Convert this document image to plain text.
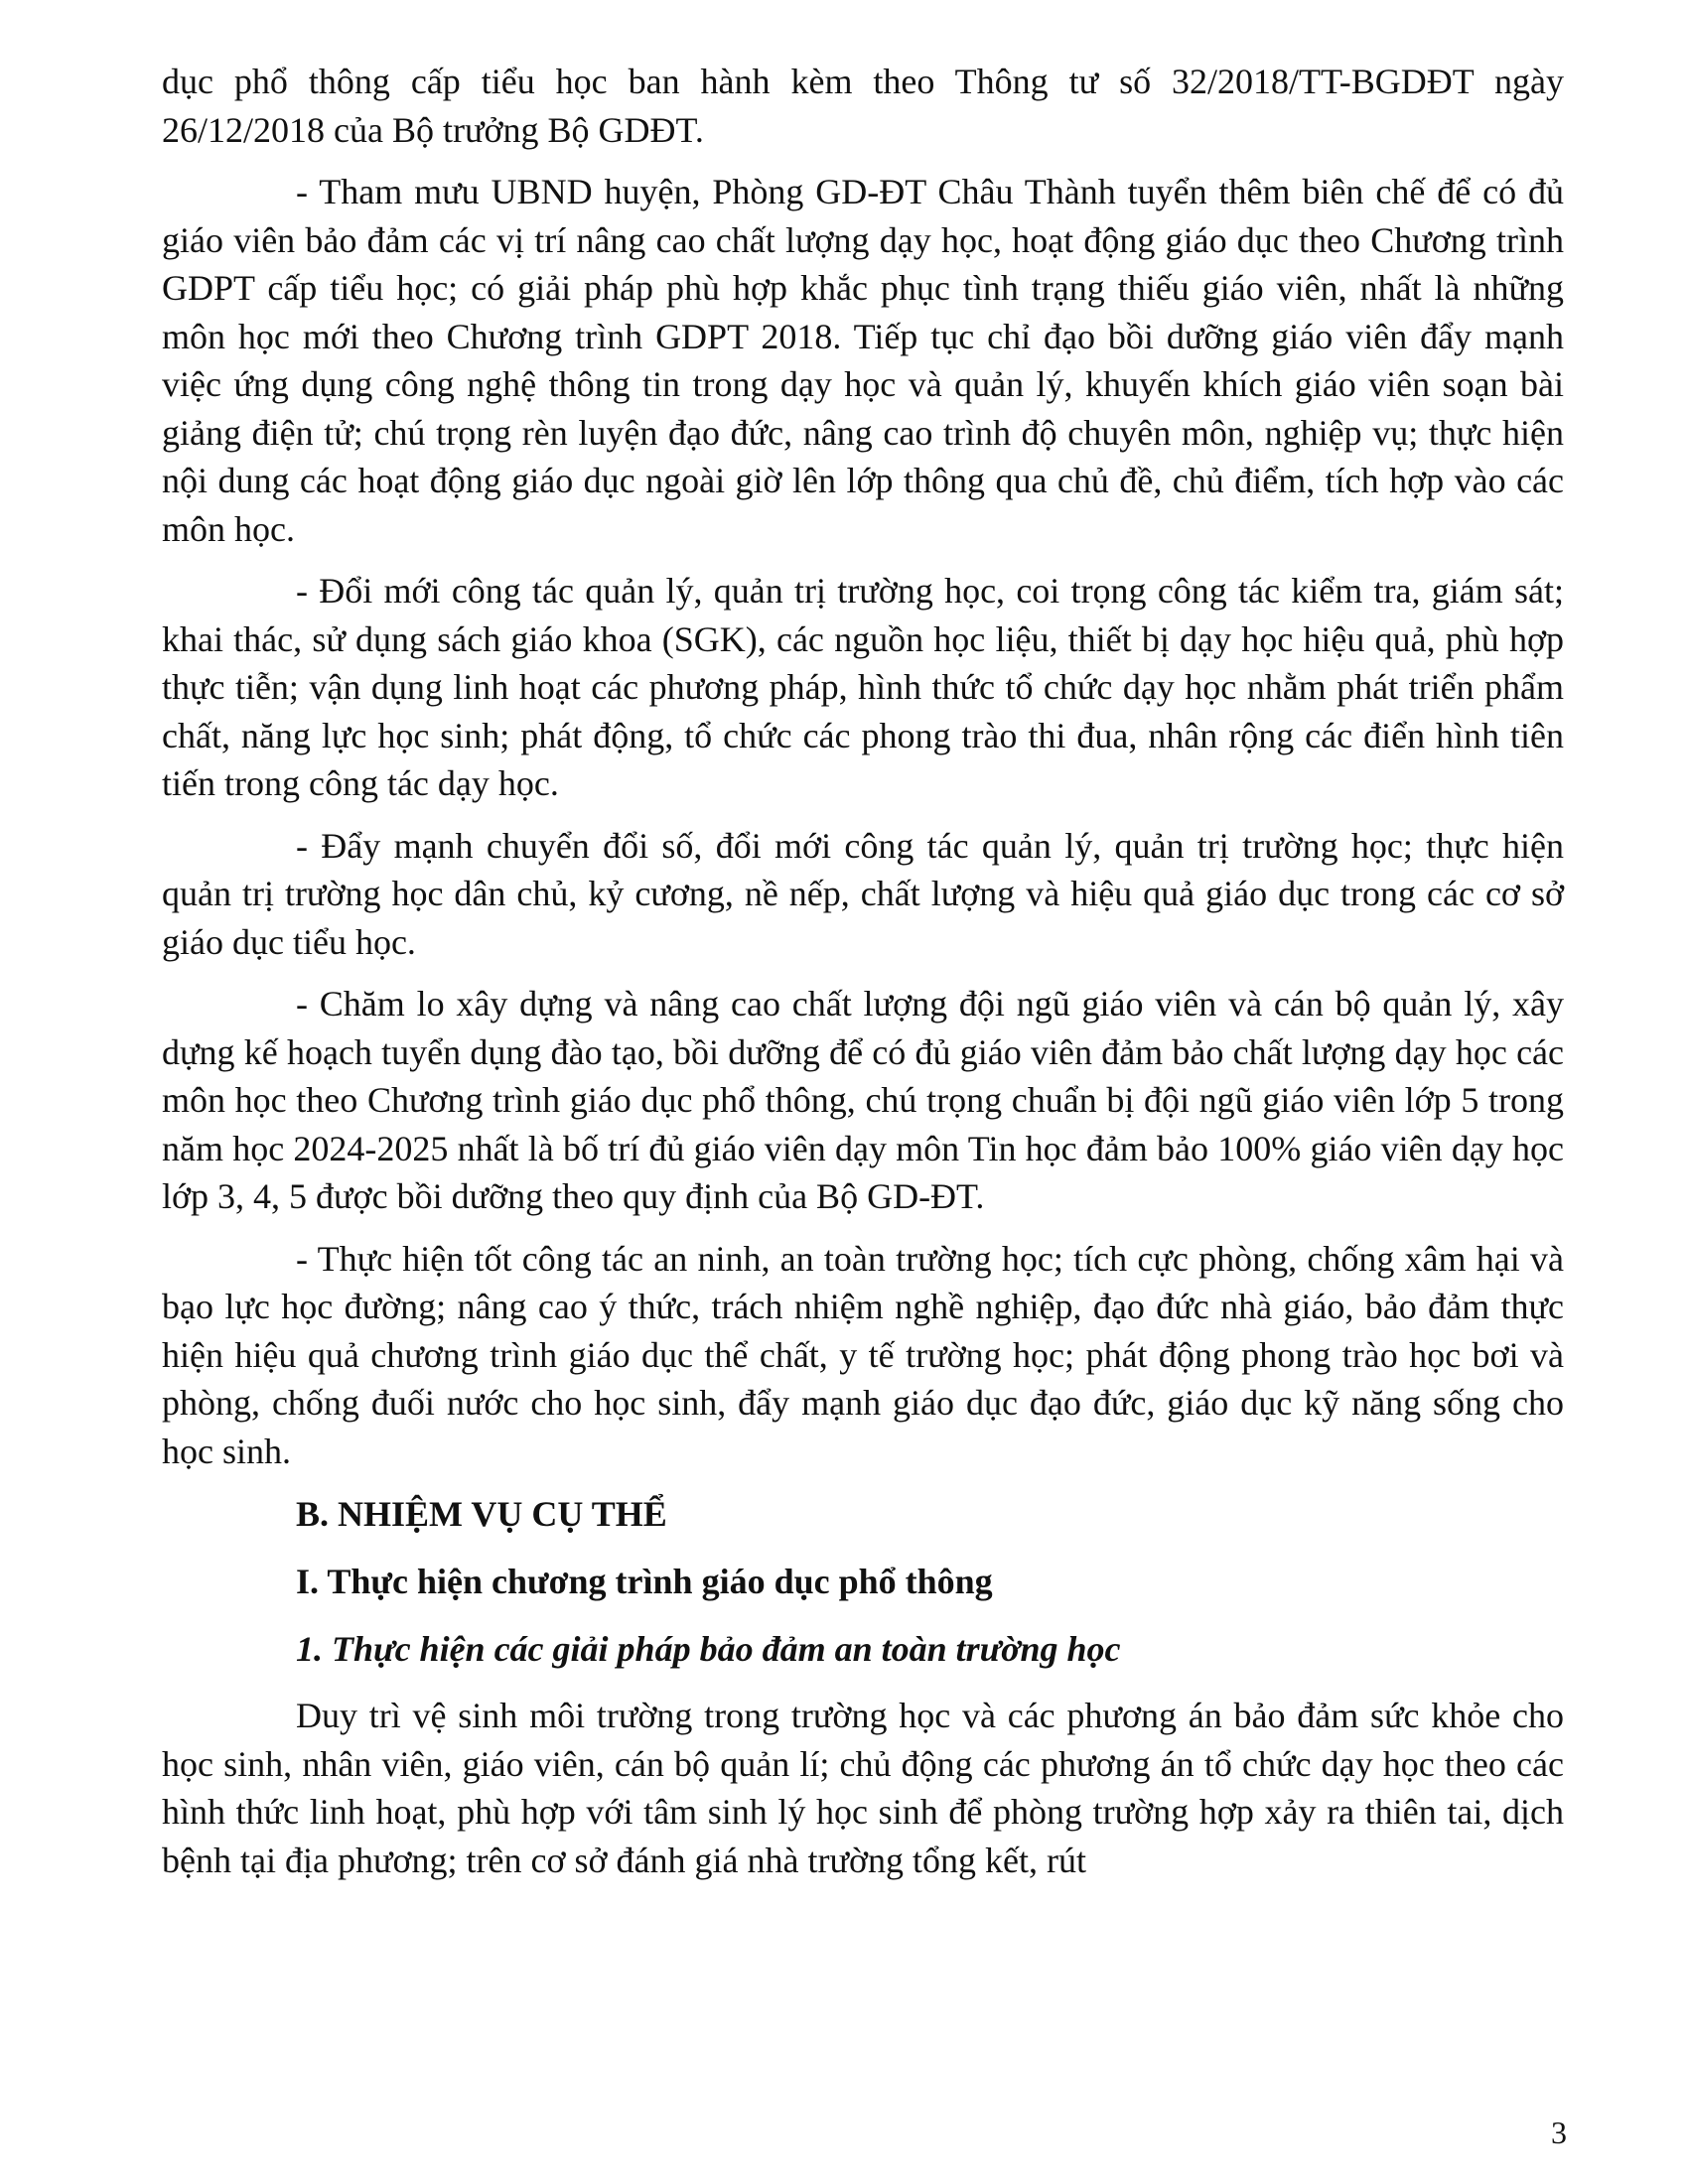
dục phổ thông cấp tiểu học ban hành kèm theo Thông tư số 32/2018/TT-BGDĐT ngày 26/12/2018 của Bộ trưởng Bộ GDĐT.

- Tham mưu UBND huyện, Phòng GD-ĐT Châu Thành tuyển thêm biên chế để có đủ giáo viên bảo đảm các vị trí nâng cao chất lượng dạy học, hoạt động giáo dục theo Chương trình GDPT cấp tiểu học; có giải pháp phù hợp khắc phục tình trạng thiếu giáo viên, nhất là những môn học mới theo Chương trình GDPT 2018. Tiếp tục chỉ đạo bồi dưỡng giáo viên đẩy mạnh việc ứng dụng công nghệ thông tin trong dạy học và quản lý, khuyến khích giáo viên soạn bài giảng điện tử; chú trọng rèn luyện đạo đức, nâng cao trình độ chuyên môn, nghiệp vụ; thực hiện nội dung các hoạt động giáo dục ngoài giờ lên lớp thông qua chủ đề, chủ điểm, tích hợp vào các môn học.

- Đổi mới công tác quản lý, quản trị trường học, coi trọng công tác kiểm tra, giám sát; khai thác, sử dụng sách giáo khoa (SGK), các nguồn học liệu, thiết bị dạy học hiệu quả, phù hợp thực tiễn; vận dụng linh hoạt các phương pháp, hình thức tổ chức dạy học nhằm phát triển phẩm chất, năng lực học sinh; phát động, tổ chức các phong trào thi đua, nhân rộng các điển hình tiên tiến trong công tác dạy học.

- Đẩy mạnh chuyển đổi số, đổi mới công tác quản lý, quản trị trường học; thực hiện quản trị trường học dân chủ, kỷ cương, nề nếp, chất lượng và hiệu quả giáo dục trong các cơ sở giáo dục tiểu học.

- Chăm lo xây dựng và nâng cao chất lượng đội ngũ giáo viên và cán bộ quản lý, xây dựng kế hoạch tuyển dụng đào tạo, bồi dưỡng để có đủ giáo viên đảm bảo chất lượng dạy học các môn học theo Chương trình giáo dục phổ thông, chú trọng chuẩn bị đội ngũ giáo viên lớp 5 trong năm học 2024-2025 nhất là bố trí đủ giáo viên dạy môn Tin học đảm bảo 100% giáo viên dạy học lớp 3, 4, 5 được bồi dưỡng theo quy định của Bộ GD-ĐT.

- Thực hiện tốt công tác an ninh, an toàn trường học; tích cực phòng, chống xâm hại và bạo lực học đường; nâng cao ý thức, trách nhiệm nghề nghiệp, đạo đức nhà giáo, bảo đảm thực hiện hiệu quả chương trình giáo dục thể chất, y tế trường học; phát động phong trào học bơi và phòng, chống đuối nước cho học sinh, đẩy mạnh giáo dục đạo đức, giáo dục kỹ năng sống cho học sinh.

B. NHIỆM VỤ CỤ THỂ
I. Thực hiện chương trình giáo dục phổ thông
1. Thực hiện các giải pháp bảo đảm an toàn trường học

Duy trì vệ sinh môi trường trong trường học và các phương án bảo đảm sức khỏe cho học sinh, nhân viên, giáo viên, cán bộ quản lí; chủ động các phương án tổ chức dạy học theo các hình thức linh hoạt, phù hợp với tâm sinh lý học sinh để phòng trường hợp xảy ra thiên tai, dịch bệnh tại địa phương; trên cơ sở đánh giá nhà trường tổng kết, rút

3
